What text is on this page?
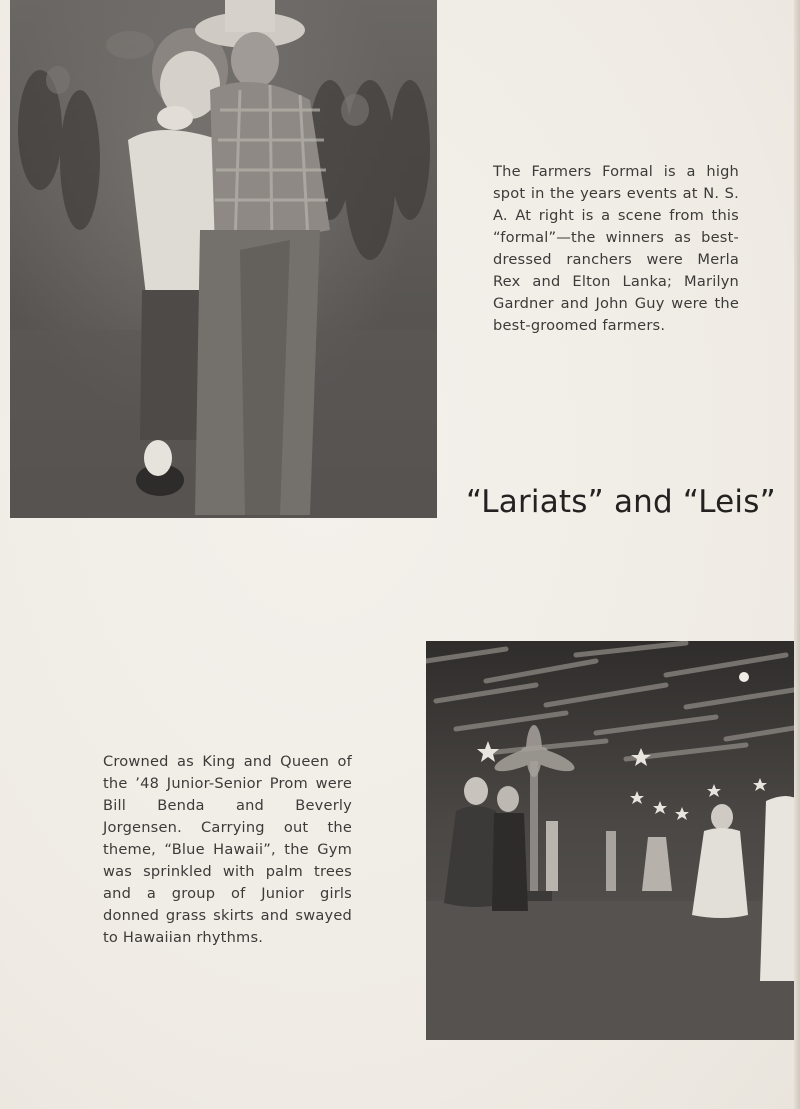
The Farmers Formal is a high spot in the years events at N. S. A. At right is a scene from this “formal”—the winners as best-dressed ranchers were Merla Rex and Elton Lanka; Marilyn Gardner and John Guy were the best-groomed farmers.

“Lariats” and “Leis”

Crowned as King and Queen of the ’48 Junior-Senior Prom were Bill Benda and Beverly Jorgensen. Carrying out the theme, “Blue Hawaii”, the Gym was sprinkled with palm trees and a group of Junior girls donned grass skirts and swayed to Hawaiian rhythms.
